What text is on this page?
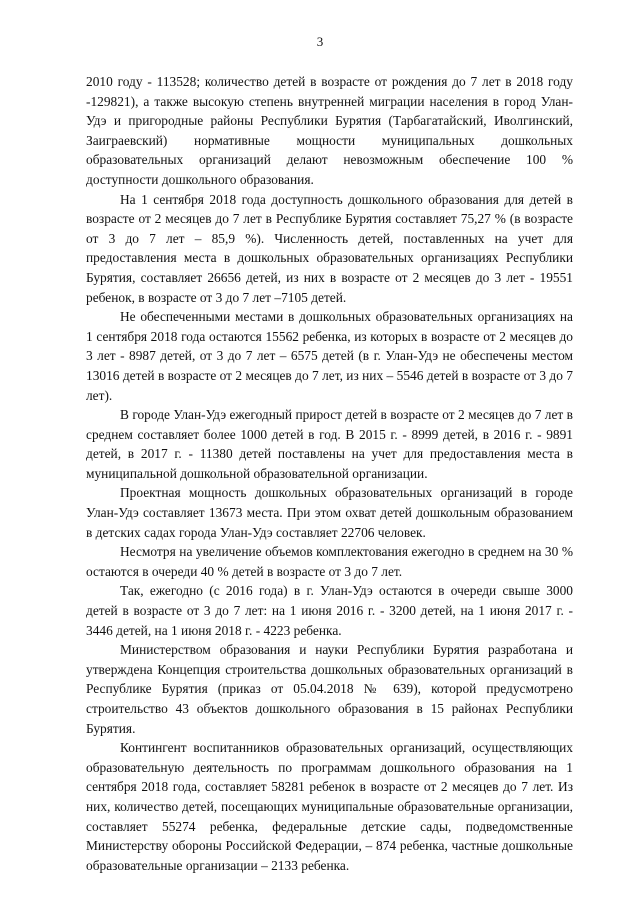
3

2010 году - 113528; количество детей в возрасте от рождения до 7 лет в 2018 году -129821), а также высокую степень внутренней миграции населения в город Улан-Удэ и пригородные районы Республики Бурятия (Тарбагатайский, Иволгинский, Заиграевский) нормативные мощности муниципальных дошкольных образовательных организаций делают невозможным обеспечение 100 % доступности дошкольного образования.

На 1 сентября 2018 года доступность дошкольного образования для детей в возрасте от 2 месяцев до 7 лет в Республике Бурятия составляет 75,27 % (в возрасте от 3 до 7 лет – 85,9 %). Численность детей, поставленных на учет для предоставления места в дошкольных образовательных организациях Республики Бурятия, составляет 26656 детей, из них в возрасте от 2 месяцев до 3 лет - 19551 ребенок, в возрасте от 3 до 7 лет –7105 детей.

Не обеспеченными местами в дошкольных образовательных организациях на 1 сентября 2018 года остаются 15562 ребенка, из которых в возрасте от 2 месяцев до 3 лет - 8987 детей, от 3 до 7 лет – 6575 детей (в г. Улан-Удэ не обеспечены местом 13016 детей в возрасте от 2 месяцев до 7 лет, из них – 5546 детей в возрасте от 3 до 7 лет).

В городе Улан-Удэ ежегодный прирост детей в возрасте от 2 месяцев до 7 лет в среднем составляет более 1000 детей в год. В 2015 г. - 8999 детей, в 2016 г. - 9891 детей, в 2017 г. - 11380 детей поставлены на учет для предоставления места в муниципальной дошкольной образовательной организации.

Проектная мощность дошкольных образовательных организаций в городе Улан-Удэ составляет 13673 места. При этом охват детей дошкольным образованием в детских садах города Улан-Удэ составляет 22706 человек.

Несмотря на увеличение объемов комплектования ежегодно в среднем на 30 % остаются в очереди 40 % детей в возрасте от 3 до 7 лет.

Так, ежегодно (с 2016 года) в г. Улан-Удэ остаются в очереди свыше 3000 детей в возрасте от 3 до 7 лет: на 1 июня 2016 г. - 3200 детей, на 1 июня 2017 г. - 3446 детей, на 1 июня 2018 г. - 4223 ребенка.

Министерством образования и науки Республики Бурятия разработана и утверждена Концепция строительства дошкольных образовательных организаций в Республике Бурятия (приказ от 05.04.2018 № 639), которой предусмотрено строительство 43 объектов дошкольного образования в 15 районах Республики Бурятия.

Контингент воспитанников образовательных организаций, осуществляющих образовательную деятельность по программам дошкольного образования на 1 сентября 2018 года, составляет 58281 ребенок в возрасте от 2 месяцев до 7 лет. Из них, количество детей, посещающих муниципальные образовательные организации, составляет 55274 ребенка, федеральные детские сады, подведомственные Министерству обороны Российской Федерации, – 874 ребенка, частные дошкольные образовательные организации – 2133 ребенка.
